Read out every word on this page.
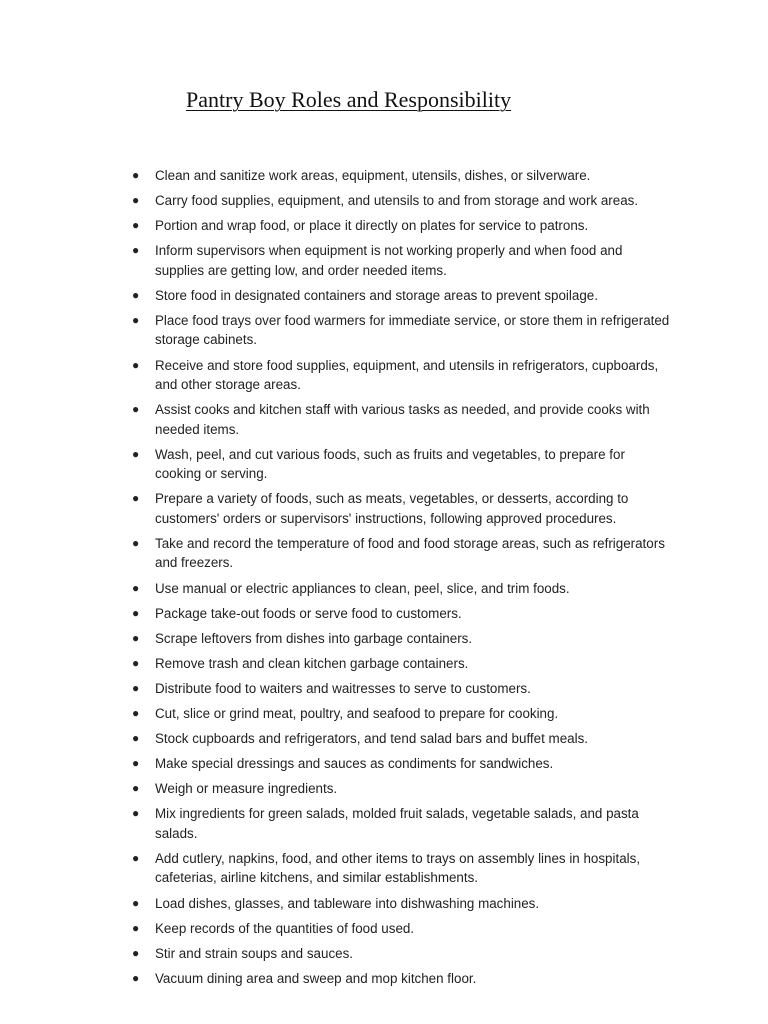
Pantry Boy Roles and Responsibility
● Clean and sanitize work areas, equipment, utensils, dishes, or silverware.
● Carry food supplies, equipment, and utensils to and from storage and work areas.
● Portion and wrap food, or place it directly on plates for service to patrons.
● Inform supervisors when equipment is not working properly and when food and supplies are getting low, and order needed items.
● Store food in designated containers and storage areas to prevent spoilage.
● Place food trays over food warmers for immediate service, or store them in refrigerated storage cabinets.
● Receive and store food supplies, equipment, and utensils in refrigerators, cupboards, and other storage areas.
● Assist cooks and kitchen staff with various tasks as needed, and provide cooks with needed items.
● Wash, peel, and cut various foods, such as fruits and vegetables, to prepare for cooking or serving.
● Prepare a variety of foods, such as meats, vegetables, or desserts, according to customers' orders or supervisors' instructions, following approved procedures.
● Take and record the temperature of food and food storage areas, such as refrigerators and freezers.
● Use manual or electric appliances to clean, peel, slice, and trim foods.
● Package take-out foods or serve food to customers.
● Scrape leftovers from dishes into garbage containers.
● Remove trash and clean kitchen garbage containers.
● Distribute food to waiters and waitresses to serve to customers.
● Cut, slice or grind meat, poultry, and seafood to prepare for cooking.
● Stock cupboards and refrigerators, and tend salad bars and buffet meals.
● Make special dressings and sauces as condiments for sandwiches.
● Weigh or measure ingredients.
● Mix ingredients for green salads, molded fruit salads, vegetable salads, and pasta salads.
● Add cutlery, napkins, food, and other items to trays on assembly lines in hospitals, cafeterias, airline kitchens, and similar establishments.
● Load dishes, glasses, and tableware into dishwashing machines.
● Keep records of the quantities of food used.
● Stir and strain soups and sauces.
● Vacuum dining area and sweep and mop kitchen floor.
